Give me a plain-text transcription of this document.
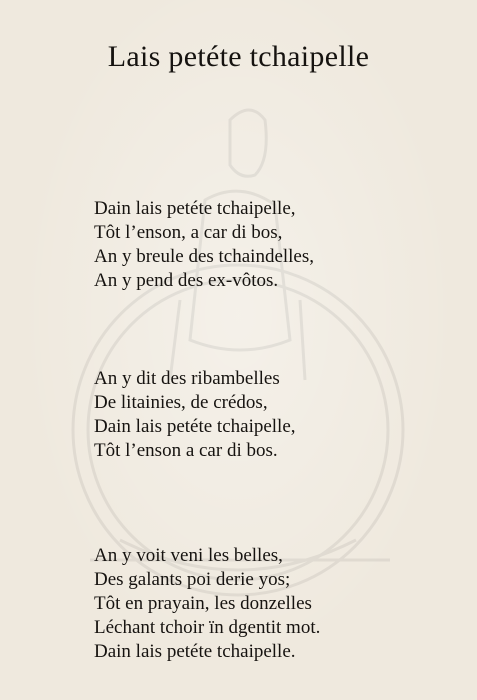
Lais petéte tchaipelle
Dain lais petéte tchaipelle,
Tôt l’enson, a car di bos,
An y breule des tchaindelles,
An y pend des ex-vôtos.
An y dit des ribambelles
De litainies, de crédos,
Dain lais petéte tchaipelle,
Tôt l’enson a car di bos.
An y voit veni les belles,
Des galants poi derie yos;
Tôt en prayain, les donzelles
Léchant tchoir ïn dgentit mot.
Dain lais petéte tchaipelle.
